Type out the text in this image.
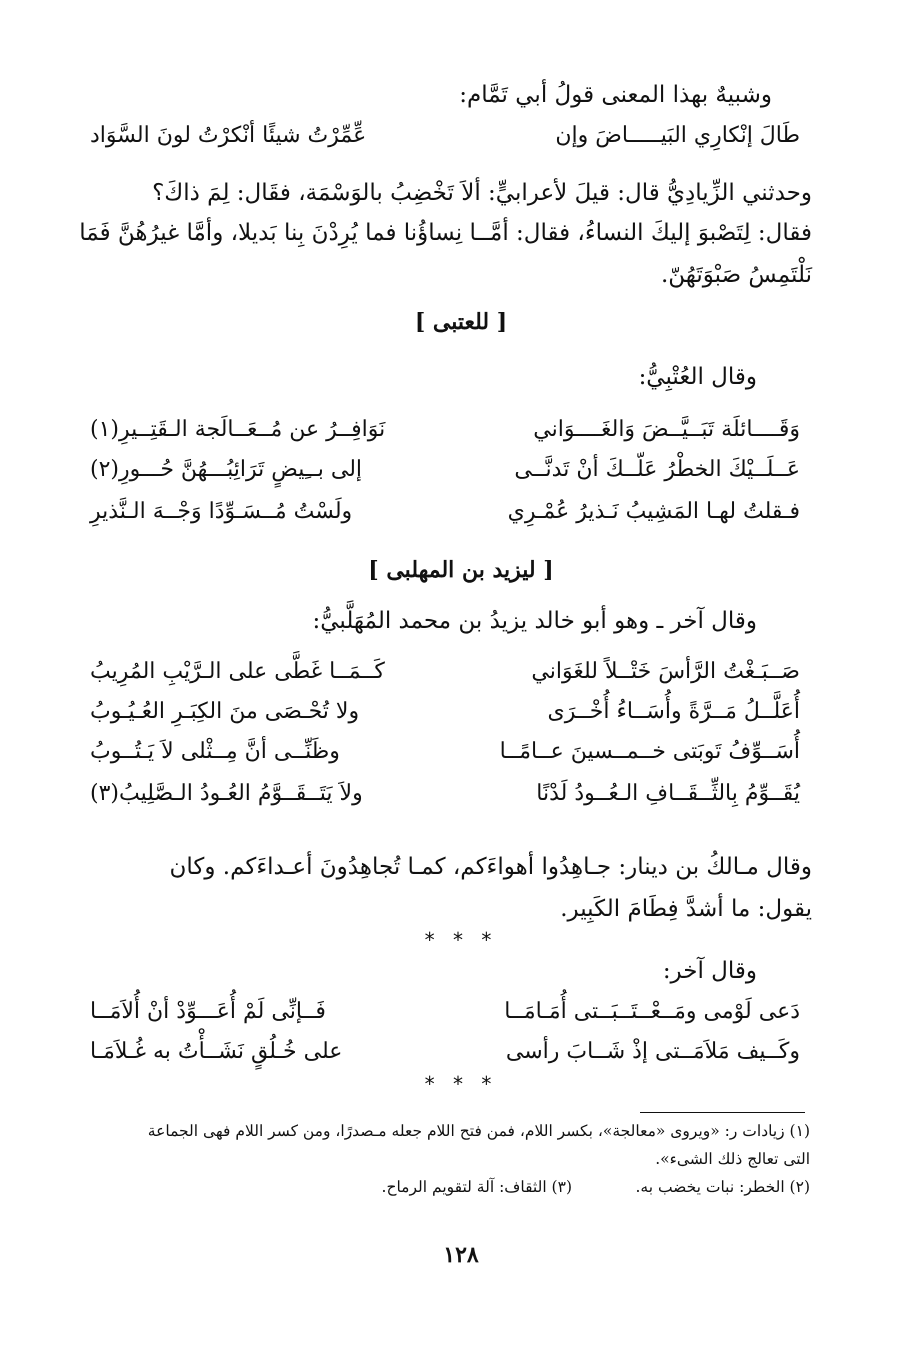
وشبيهٌ بهذا المعنى قولُ أبي تَمَّام:
طَالَ إنْكارِي البَيـــــاضَ وإن
عِّمِّرْتُ شيئًا أنْكرْتُ لونَ السَّوَاد
وحدثني الزِّيادِيُّ قال: قيلَ لأعرابيٍّ: ألاَ تَخْضِبُ بالوَسْمَة، فقَال: لِمَ ذاكَ؟
فقال: لِتَصْبوَ إليكَ النساءُ، فقال: أمَّــا نِساؤُنا فما يُرِدْنَ بِنا بَديلا، وأمَّا غيرُهُنَّ فَمَا
نَلْتَمِسُ صَبْوَتَهُنّ.
[ للعتبى ]
وقال العُتْبِيُّ:
وَقَــــائلَة تَبَــيَّــضَ وَالغَــــوَاني
نَوَافِــرُ عن مُــعَــالَجة الـقَتِــيرِ(١)
عَــلَــيْكَ الخطْرُ عَلّــكَ أنْ تَدنَّــى
إلى بــِيضٍ تَرَائِبُـــهُنَّ حُـــورِ(٢)
فـقلتُ لهـا المَشِيبُ نَـذيرُ عُمْـرِي
ولَسْتُ مُــسَـوِّدًا وَجْــهَ الـنَّذيرِ
[ ليزيد بن المهلبى ]
وقال آخر ـ وهو أبو خالد يزيدُ بن محمد المُهَلَّبيُّ:
صَــبَـغْتُ الرَّأسَ خَتْــلاً للغَوَاني
كَــمَــا غَطَّى على الـرَّيْبِ المُرِيبُ
أُعَلَّــلُ مَــرَّةً وأُسَــاءُ أُخْــرَى
ولا تُحْـصَى منَ الكِبَـرِ العُـيُـوبُ
أُسَــوِّفُ تَوبَتى خــمــسينَ عــامًــا
وظَنِّــى أنَّ مِــثْلى لاَ يَـتُــوبُ
يُقَــوِّمُ بِالثِّــقَــافِ الـعُــودُ لَدْنًا
ولاَ يَتَــقَــوَّمُ العُـودُ الـصَّلِيبُ(٣)
وقال مـالكُ بن دينار: جـاهِدُوا أهواءَكم، كمـا تُجاهِدُونَ أعـداءَكم. وكان
يقول: ما أشدَّ فِطَامَ الكَبِير.
* * *
وقال آخر:
دَعى لَوْمى ومَــعْــتَــبَــتى أُمَـامَــا
فَــإنِّى لَمْ أُعَـــوِّدْ أنْ أُلاَمَــا
وكَــيف مَلاَمَــتى إذْ شَــابَ رأسى
على خُـلُقٍ نَشَــأْتُ به غُـلاَمَـا
* * *
(١) زيادات ر: «ويروى «معالجة»، بكسر اللام، فمن فتح اللام جعله مـصدرًا، ومن كسر اللام فهى الجماعة
التى تعالج ذلك الشىء».
(٢) الخطر: نبات يخضب به.
(٣) الثقاف: آلة لتقويم الرماح.
١٢٨
